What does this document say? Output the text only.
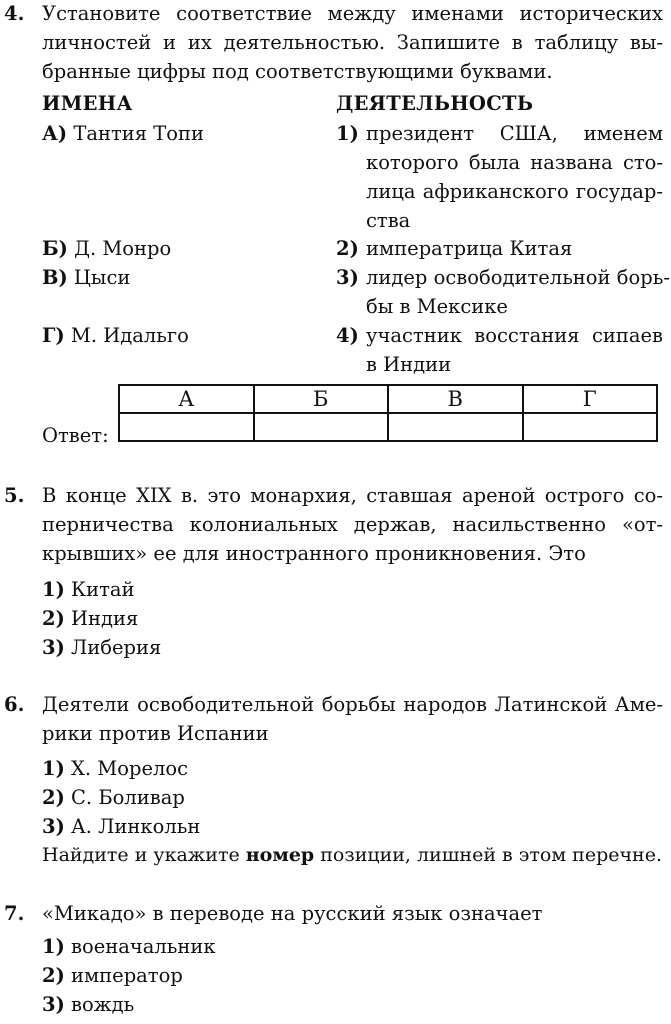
4. Установите соответствие между именами исторических
личностей и их деятельностью. Запишите в таблицу вы-
бранные цифры под соответствующими буквами.
ИМЕНА	ДЕЯТЕЛЬНОСТЬ
А) Тантия Топи
Б) Д. Монро
В) Цыси
Г) М. Идальго
1) президент США, именем
которого была названа сто-
лица африканского государ-
ства
2) императрица Китая
3) лидер освободительной борь-
бы в Мексике
4) участник восстания сипаев
в Индии
Ответ:
А	Б	В	Г

5. В конце XIX в. это монархия, ставшая ареной острого со-
перничества колониальных держав, насильственно «от-
крывших» ее для иностранного проникновения. Это
1) Китай
2) Индия
3) Либерия
6. Деятели освободительной борьбы народов Латинской Аме-
рики против Испании
1) Х. Морелос
2) С. Боливар
3) А. Линкольн
Найдите и укажите номер позиции, лишней в этом перечне.
7. «Микадо» в переводе на русский язык означает
1) военачальник
2) император
3) вождь
